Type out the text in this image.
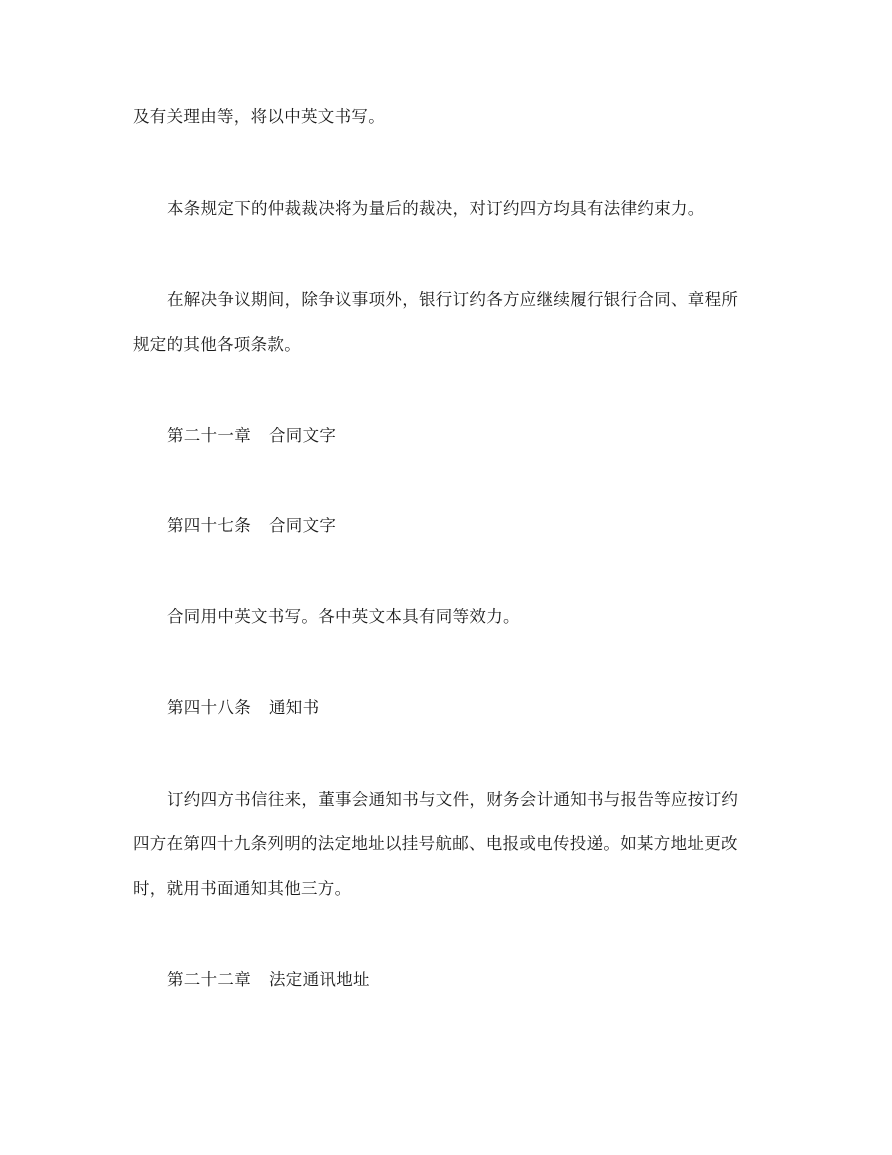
及有关理由等，将以中英文书写。
本条规定下的仲裁裁决将为量后的裁决，对订约四方均具有法律约束力。
在解决争议期间，除争议事项外，银行订约各方应继续履行银行合同、章程所
规定的其他各项条款。
第二十一章 合同文字
第四十七条 合同文字
合同用中英文书写。各中英文本具有同等效力。
第四十八条 通知书
订约四方书信往来，董事会通知书与文件，财务会计通知书与报告等应按订约
四方在第四十九条列明的法定地址以挂号航邮、电报或电传投递。如某方地址更改
时，就用书面通知其他三方。
第二十二章 法定通讯地址
